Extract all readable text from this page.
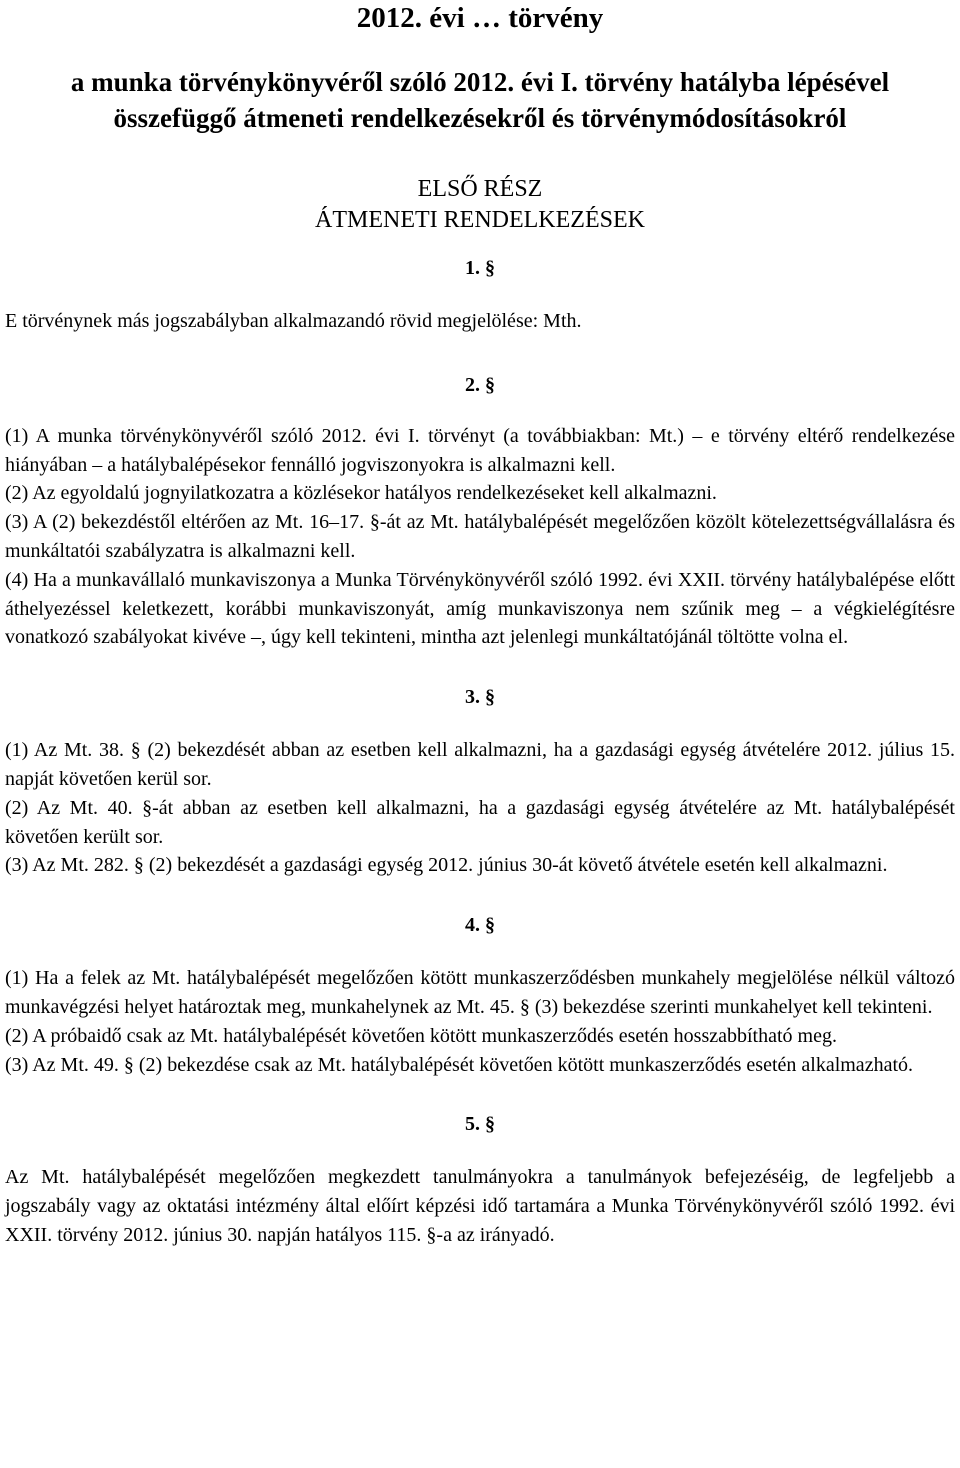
2012. évi … törvény
a munka törvénykönyvéről szóló 2012. évi I. törvény hatályba lépésével
összefüggő átmeneti rendelkezésekről és törvénymódosításokról
ELSŐ RÉSZ
ÁTMENETI RENDELKEZÉSEK
1. §

E törvénynek más jogszabályban alkalmazandó rövid megjelölése: Mth.

2. §

(1) A munka törvénykönyvéről szóló 2012. évi I. törvényt (a továbbiakban: Mt.) – e törvény eltérő rendelkezése hiányában – a hatálybalépésekor fennálló jogviszonyokra is alkalmazni kell.

(2) Az egyoldalú jognyilatkozatra a közlésekor hatályos rendelkezéseket kell alkalmazni.

(3) A (2) bekezdéstől eltérően az Mt. 16–17. §-át az Mt. hatálybalépését megelőzően közölt kötelezettségvállalásra és munkáltatói szabályzatra is alkalmazni kell.

(4) Ha a munkavállaló munkaviszonya a Munka Törvénykönyvéről szóló 1992. évi XXII. törvény hatálybalépése előtt áthelyezéssel keletkezett, korábbi munkaviszonyát, amíg munkaviszonya nem szűnik meg – a végkielégítésre vonatkozó szabályokat kivéve –, úgy kell tekinteni, mintha azt jelenlegi munkáltatójánál töltötte volna el.

3. §

(1) Az Mt. 38. § (2) bekezdését abban az esetben kell alkalmazni, ha a gazdasági egység átvételére 2012. július 15. napját követően kerül sor.

(2) Az Mt. 40. §-át abban az esetben kell alkalmazni, ha a gazdasági egység átvételére az Mt. hatálybalépését követően került sor.

(3) Az Mt. 282. § (2) bekezdését a gazdasági egység 2012. június 30-át követő átvétele esetén kell alkalmazni.

4. §

(1) Ha a felek az Mt. hatálybalépését megelőzően kötött munkaszerződésben munkahely megjelölése nélkül változó munkavégzési helyet határoztak meg, munkahelynek az Mt. 45. § (3) bekezdése szerinti munkahelyet kell tekinteni.

(2) A próbaidő csak az Mt. hatálybalépését követően kötött munkaszerződés esetén hosszabbítható meg.

(3) Az Mt. 49. § (2) bekezdése csak az Mt. hatálybalépését követően kötött munkaszerződés esetén alkalmazható.

5. §

Az Mt. hatálybalépését megelőzően megkezdett tanulmányokra a tanulmányok befejezéséig, de legfeljebb a jogszabály vagy az oktatási intézmény által előírt képzési idő tartamára a Munka Törvénykönyvéről szóló 1992. évi XXII. törvény 2012. június 30. napján hatályos 115. §-a az irányadó.
